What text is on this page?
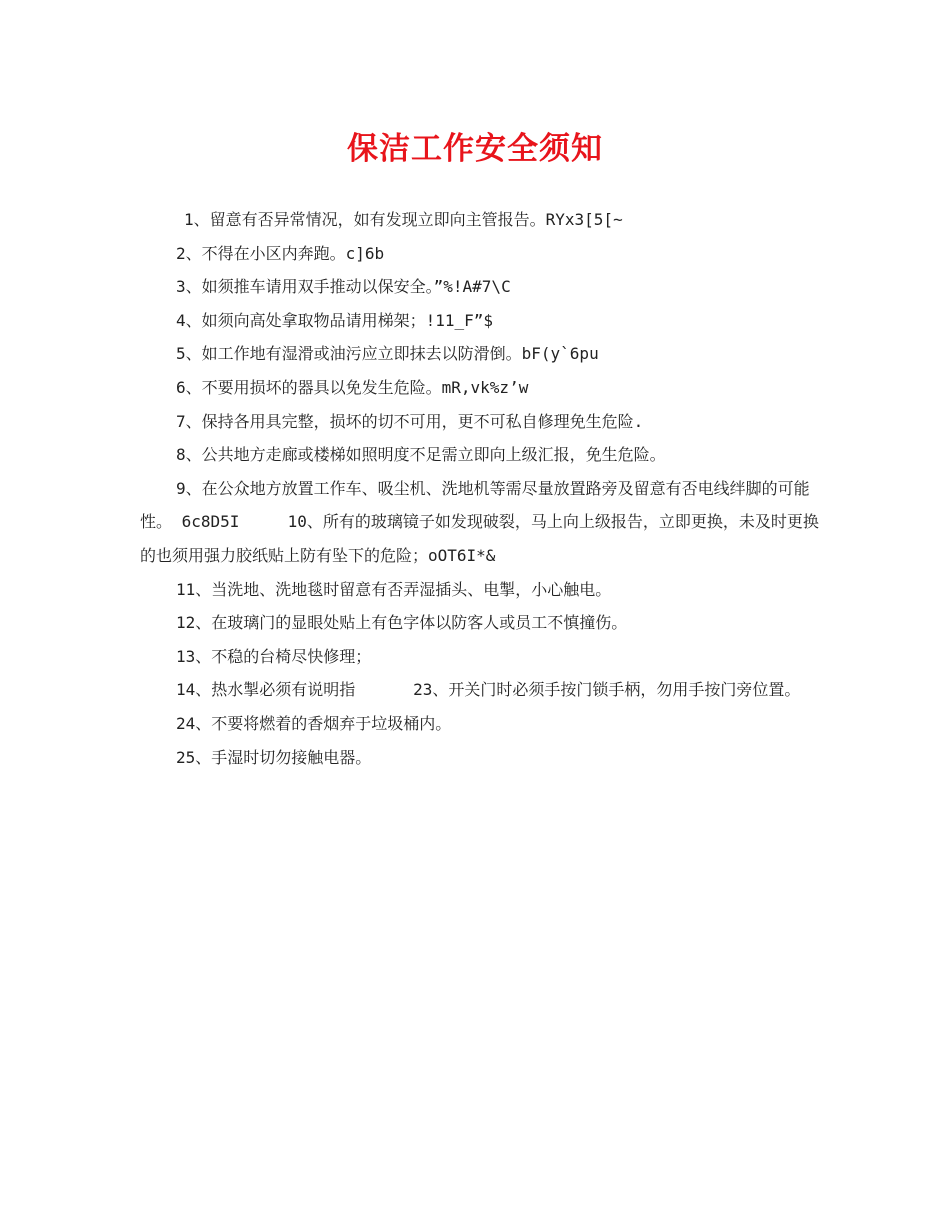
保洁工作安全须知

1、留意有否异常情况，如有发现立即向主管报告。RYx3[5[~

2、不得在小区内奔跑。c]6b

3、如须推车请用双手推动以保安全。”%!A#7\C

4、如须向高处拿取物品请用梯架；!11_F”$

5、如工作地有湿滑或油污应立即抹去以防滑倒。bF(y`6pu

6、不要用损坏的器具以免发生危险。mR,vk%z’w

7、保持各用具完整，损坏的切不可用，更不可私自修理免生危险.

8、公共地方走廊或楼梯如照明度不足需立即向上级汇报，免生危险。

9、在公众地方放置工作车、吸尘机、洗地机等需尽量放置路旁及留意有否电线绊脚的可能性。 6c8D5I     10、所有的玻璃镜子如发现破裂，马上向上级报告，立即更换，未及时更换的也须用强力胶纸贴上防有坠下的危险；oOT6I*&

11、当洗地、洗地毯时留意有否弄湿插头、电掣，小心触电。

12、在玻璃门的显眼处贴上有色字体以防客人或员工不慎撞伤。

13、不稳的台椅尽快修理；

14、热水掣必须有说明指      23、开关门时必须手按门锁手柄，勿用手按门旁位置。

24、不要将燃着的香烟弃于垃圾桶内。

25、手湿时切勿接触电器。
